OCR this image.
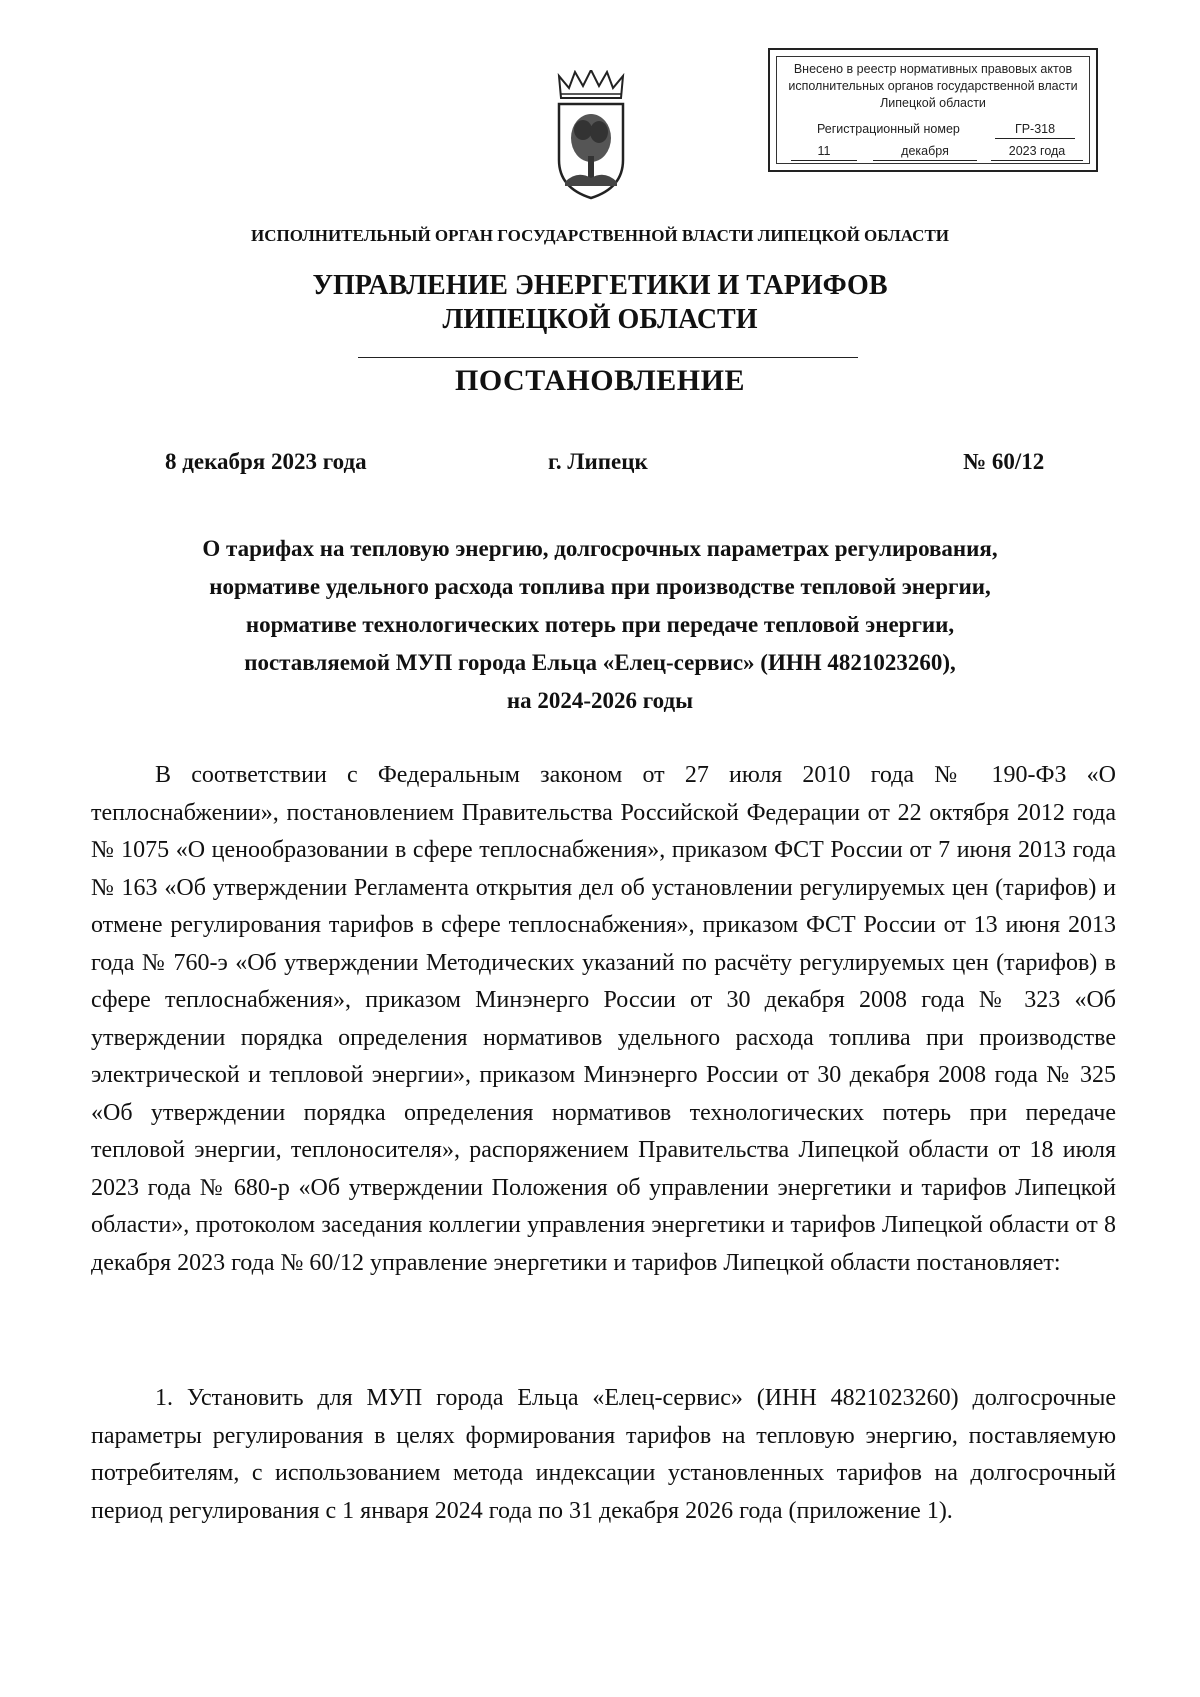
Внесено в реестр нормативных правовых актов исполнительных органов государственной власти Липецкой области
Регистрационный номер	ГР-318
11	декабря	2023 года
ИСПОЛНИТЕЛЬНЫЙ ОРГАН ГОСУДАРСТВЕННОЙ ВЛАСТИ ЛИПЕЦКОЙ ОБЛАСТИ
УПРАВЛЕНИЕ ЭНЕРГЕТИКИ И ТАРИФОВ
ЛИПЕЦКОЙ ОБЛАСТИ
ПОСТАНОВЛЕНИЕ
8 декабря 2023 года	г. Липецк	№ 60/12
О тарифах на тепловую энергию, долгосрочных параметрах регулирования,
нормативе удельного расхода топлива при производстве тепловой энергии,
нормативе технологических потерь при передаче тепловой энергии,
поставляемой МУП города Ельца «Елец-сервис» (ИНН 4821023260),
на 2024-2026 годы

В соответствии с Федеральным законом от 27 июля 2010 года № 190-ФЗ «О теплоснабжении», постановлением Правительства Российской Федерации от 22 октября 2012 года № 1075 «О ценообразовании в сфере теплоснабжения», приказом ФСТ России от 7 июня 2013 года № 163 «Об утверждении Регламента открытия дел об установлении регулируемых цен (тарифов) и отмене регулирования тарифов в сфере теплоснабжения», приказом ФСТ России от 13 июня 2013 года № 760-э «Об утверждении Методических указаний по расчёту регулируемых цен (тарифов) в сфере теплоснабжения», приказом Минэнерго России от 30 декабря 2008 года № 323 «Об утверждении порядка определения нормативов удельного расхода топлива при производстве электрической и тепловой энергии», приказом Минэнерго России от 30 декабря 2008 года № 325 «Об утверждении порядка определения нормативов технологических потерь при передаче тепловой энергии, теплоносителя», распоряжением Правительства Липецкой области от 18 июля 2023 года № 680-р «Об утверждении Положения об управлении энергетики и тарифов Липецкой области», протоколом заседания коллегии управления энергетики и тарифов Липецкой области от 8 декабря 2023 года № 60/12 управление энергетики и тарифов Липецкой области постановляет:

1. Установить для МУП города Ельца «Елец-сервис» (ИНН 4821023260) долгосрочные параметры регулирования в целях формирования тарифов на тепловую энергию, поставляемую потребителям, с использованием метода индексации установленных тарифов на долгосрочный период регулирования с 1 января 2024 года по 31 декабря 2026 года (приложение 1).
